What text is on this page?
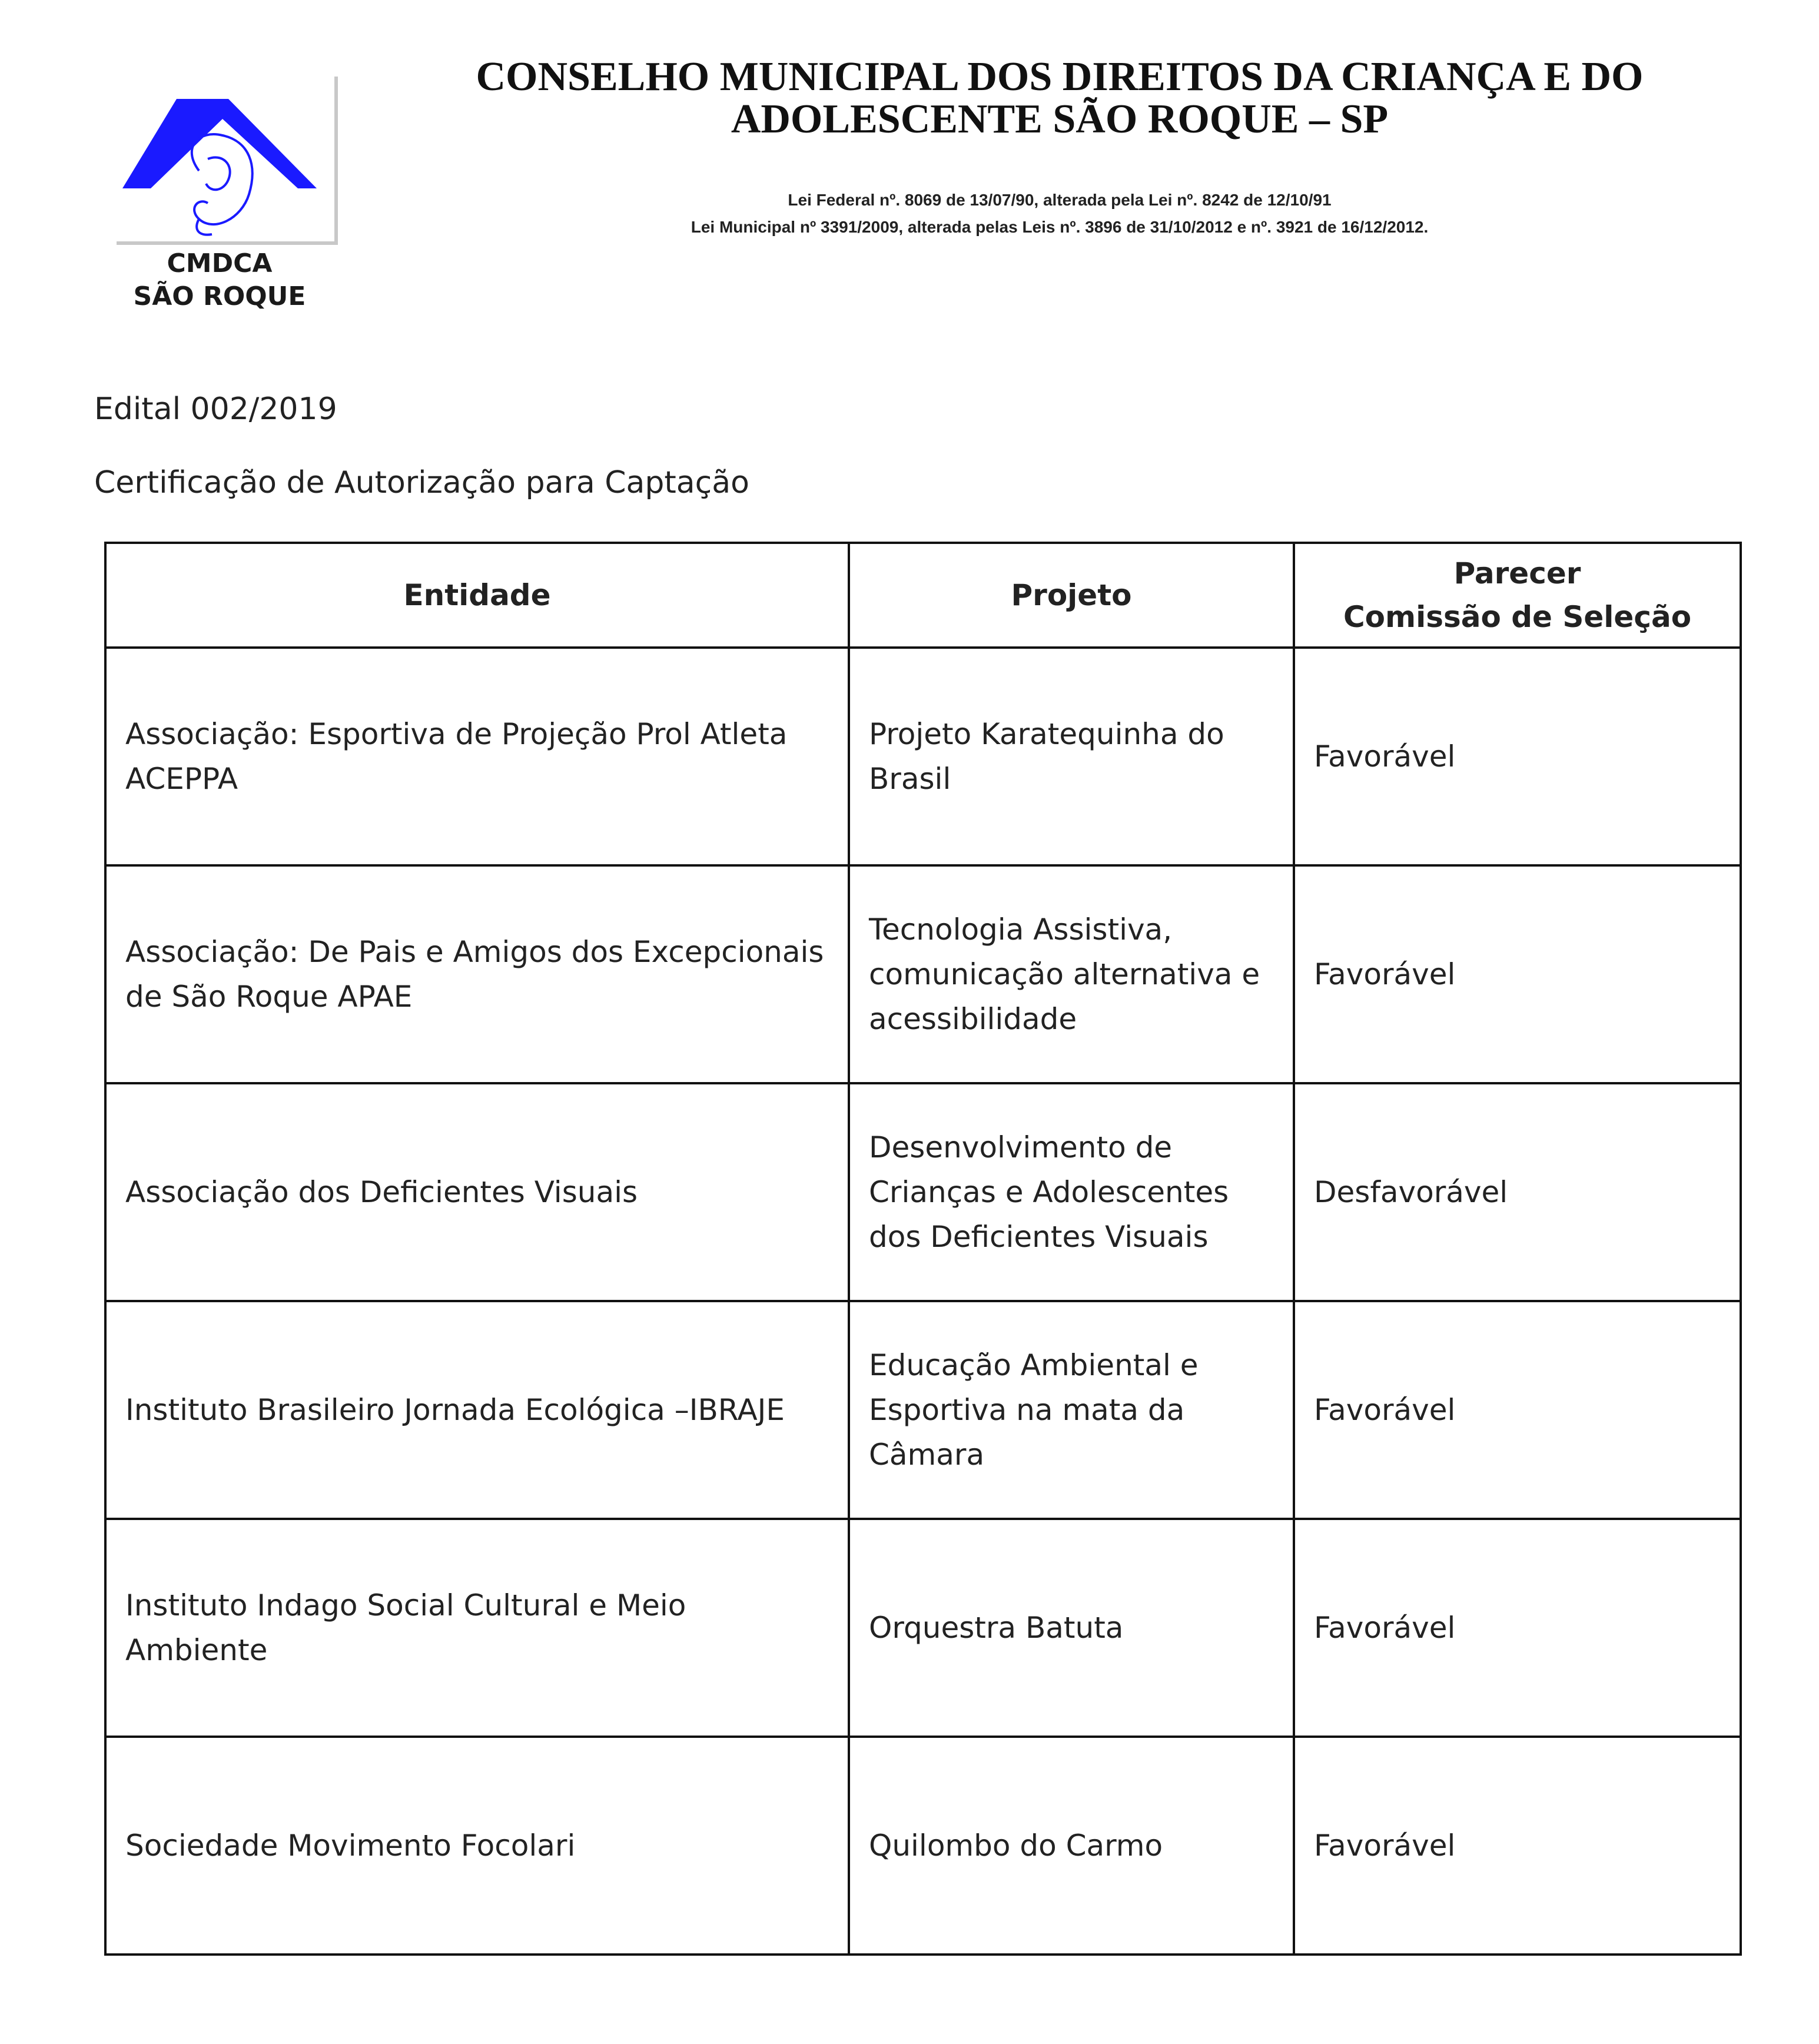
CMDCA
SÃO ROQUE
CONSELHO MUNICIPAL DOS DIREITOS DA CRIANÇA E DO
ADOLESCENTE SÃO ROQUE – SP
Lei Federal nº. 8069 de 13/07/90, alterada pela Lei nº. 8242 de 12/10/91
Lei Municipal nº 3391/2009, alterada pelas Leis nº. 3896 de 31/10/2012 e nº. 3921 de 16/12/2012.
Edital 002/2019
Certificação de Autorização para Captação
Entidade	Projeto	Parecer
Comissão de Seleção

Associação: Esportiva de Projeção Prol Atleta ACEPPA	Projeto Karatequinha do Brasil	Favorável
Associação: De Pais e Amigos dos Excepcionais de São Roque APAE	Tecnologia Assistiva, comunicação alternativa e acessibilidade	Favorável
Associação dos Deficientes Visuais	Desenvolvimento de Crianças e Adolescentes dos Deficientes Visuais	Desfavorável
Instituto Brasileiro Jornada Ecológica –IBRAJE	Educação Ambiental e Esportiva na mata da Câmara	Favorável
Instituto Indago Social Cultural e Meio Ambiente	Orquestra Batuta	Favorável
Sociedade Movimento Focolari	Quilombo do Carmo	Favorável
